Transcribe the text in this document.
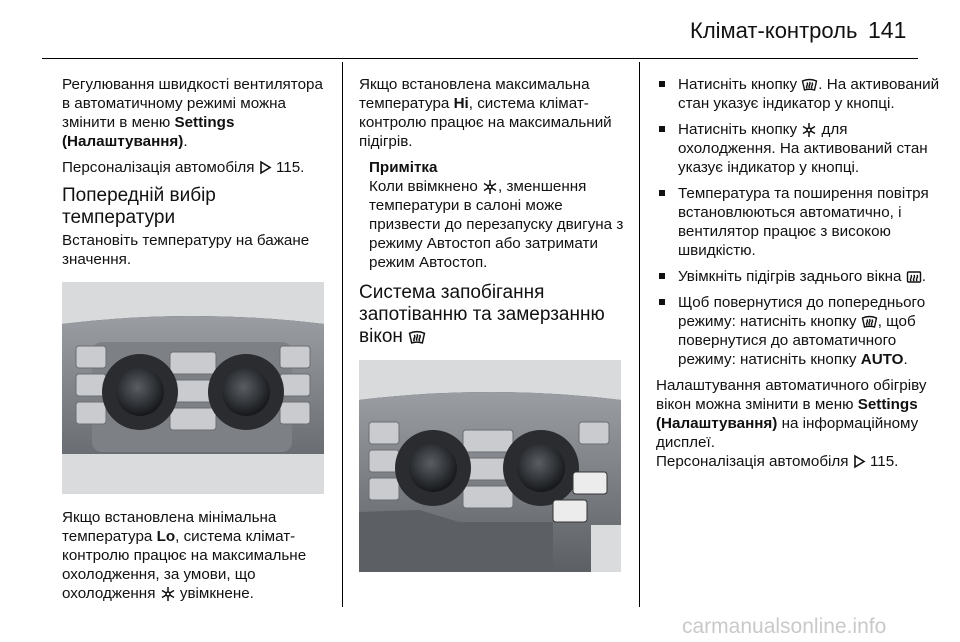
Клімат-контроль 141

Регулювання швидкості вентилятора в автоматичному режимі можна змінити в меню Settings (Налаштування).

Персоналізація автомобіля  115.

Попередній вибір температури

Встановіть температуру на бажане значення.

Якщо встановлена мінімальна температура Lo, система клімат-контролю працює на максимальне охолодження, за умови, що охолодження  увімкнене.

Якщо встановлена максимальна температура Hi, система клімат-контролю працює на максимальний підігрів.

Примітка
Коли ввімкнено , зменшення температури в салоні може призвести до перезапуску двигуна з режиму Автостоп або затримати режим Автостоп.
Система запобігання запотіванню та замерзанню вікон
Натисніть кнопку . На активований стан указує індикатор у кнопці.
Натисніть кнопку  для охолодження. На активований стан указує індикатор у кнопці.
Температура та поширення повітря встановлюються автоматично, і вентилятор працює з високою швидкістю.
Увімкніть підігрів заднього вікна .
Щоб повернутися до попереднього режиму: натисніть кнопку , щоб повернутися до автоматичного режиму: натисніть кнопку AUTO.

Налаштування автоматичного обігріву вікон можна змінити в меню Settings (Налаштування) на інформаційному дисплеї.

Персоналізація автомобіля  115.

carmanualsonline.info
